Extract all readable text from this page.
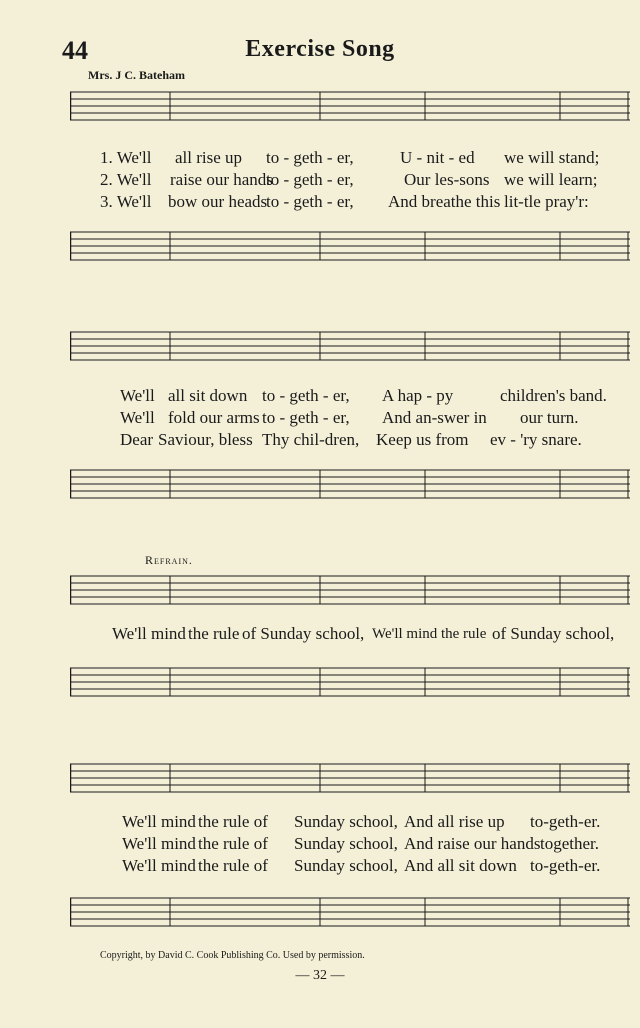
44	Exercise Song
Mrs. J C. Bateham
1. We'll all rise up to - geth - er,	U - nit - ed we will stand;
2. We'll raise our hands
to - geth - er,	Our les-sons we will learn;
3. We'll bow our heads
to - geth - er, And breathe this lit-tle pray'r:
We'll all sit down to - geth - er, A hap - py	children's band.
We'll fold our arms to - geth - er, And an-swer in our turn.
Dear Saviour, bless Thy chil-dren, Keep us from ev - 'ry snare.
Refrain.
We'll mind the rule of Sunday school, We'll mind the rule of Sunday school,
We'll mind the rule of Sunday school, And all rise up to-geth-er.
We'll mind the rule of Sunday school, And raise our hands together.
We'll mind the rule of Sunday school, And all sit down to-geth-er.
Copyright, by David C. Cook Publishing Co. Used by permission.
— 32 —
